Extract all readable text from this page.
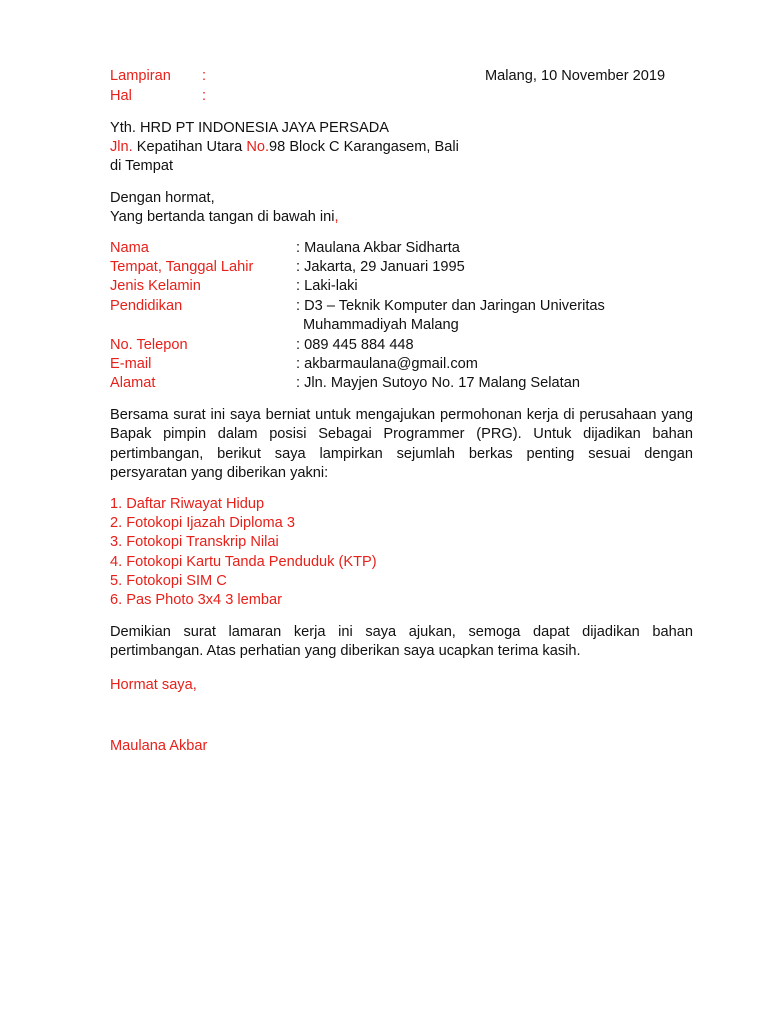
Lampiran :	Malang, 10 November 2019
Hal	:
Yth. HRD PT INDONESIA JAYA PERSADA
Jln. Kepatihan Utara No.98 Block C Karangasem, Bali
di Tempat
Dengan hormat,
Yang bertanda tangan di bawah ini,
Nama	: Maulana Akbar Sidharta
Tempat, Tanggal Lahir	: Jakarta, 29 Januari 1995
Jenis Kelamin	: Laki-laki
Pendidikan	: D3 – Teknik Komputer dan Jaringan Univeritas
Muhammadiyah Malang
No. Telepon	: 089 445 884 448
E-mail	: akbarmaulana@gmail.com
Alamat	: Jln. Mayjen Sutoyo No. 17 Malang Selatan

Bersama surat ini saya berniat untuk mengajukan permohonan kerja di perusahaan yang Bapak pimpin dalam posisi Sebagai Programmer (PRG). Untuk dijadikan bahan pertimbangan, berikut saya lampirkan sejumlah berkas penting sesuai dengan persyaratan yang diberikan yakni:

1. Daftar Riwayat Hidup
2. Fotokopi Ijazah Diploma 3
3. Fotokopi Transkrip Nilai
4. Fotokopi Kartu Tanda Penduduk (KTP)
5. Fotokopi SIM C
6. Pas Photo 3x4 3 lembar

Demikian surat lamaran kerja ini saya ajukan, semoga dapat dijadikan bahan pertimbangan. Atas perhatian yang diberikan saya ucapkan terima kasih.

Hormat saya,
Maulana Akbar
